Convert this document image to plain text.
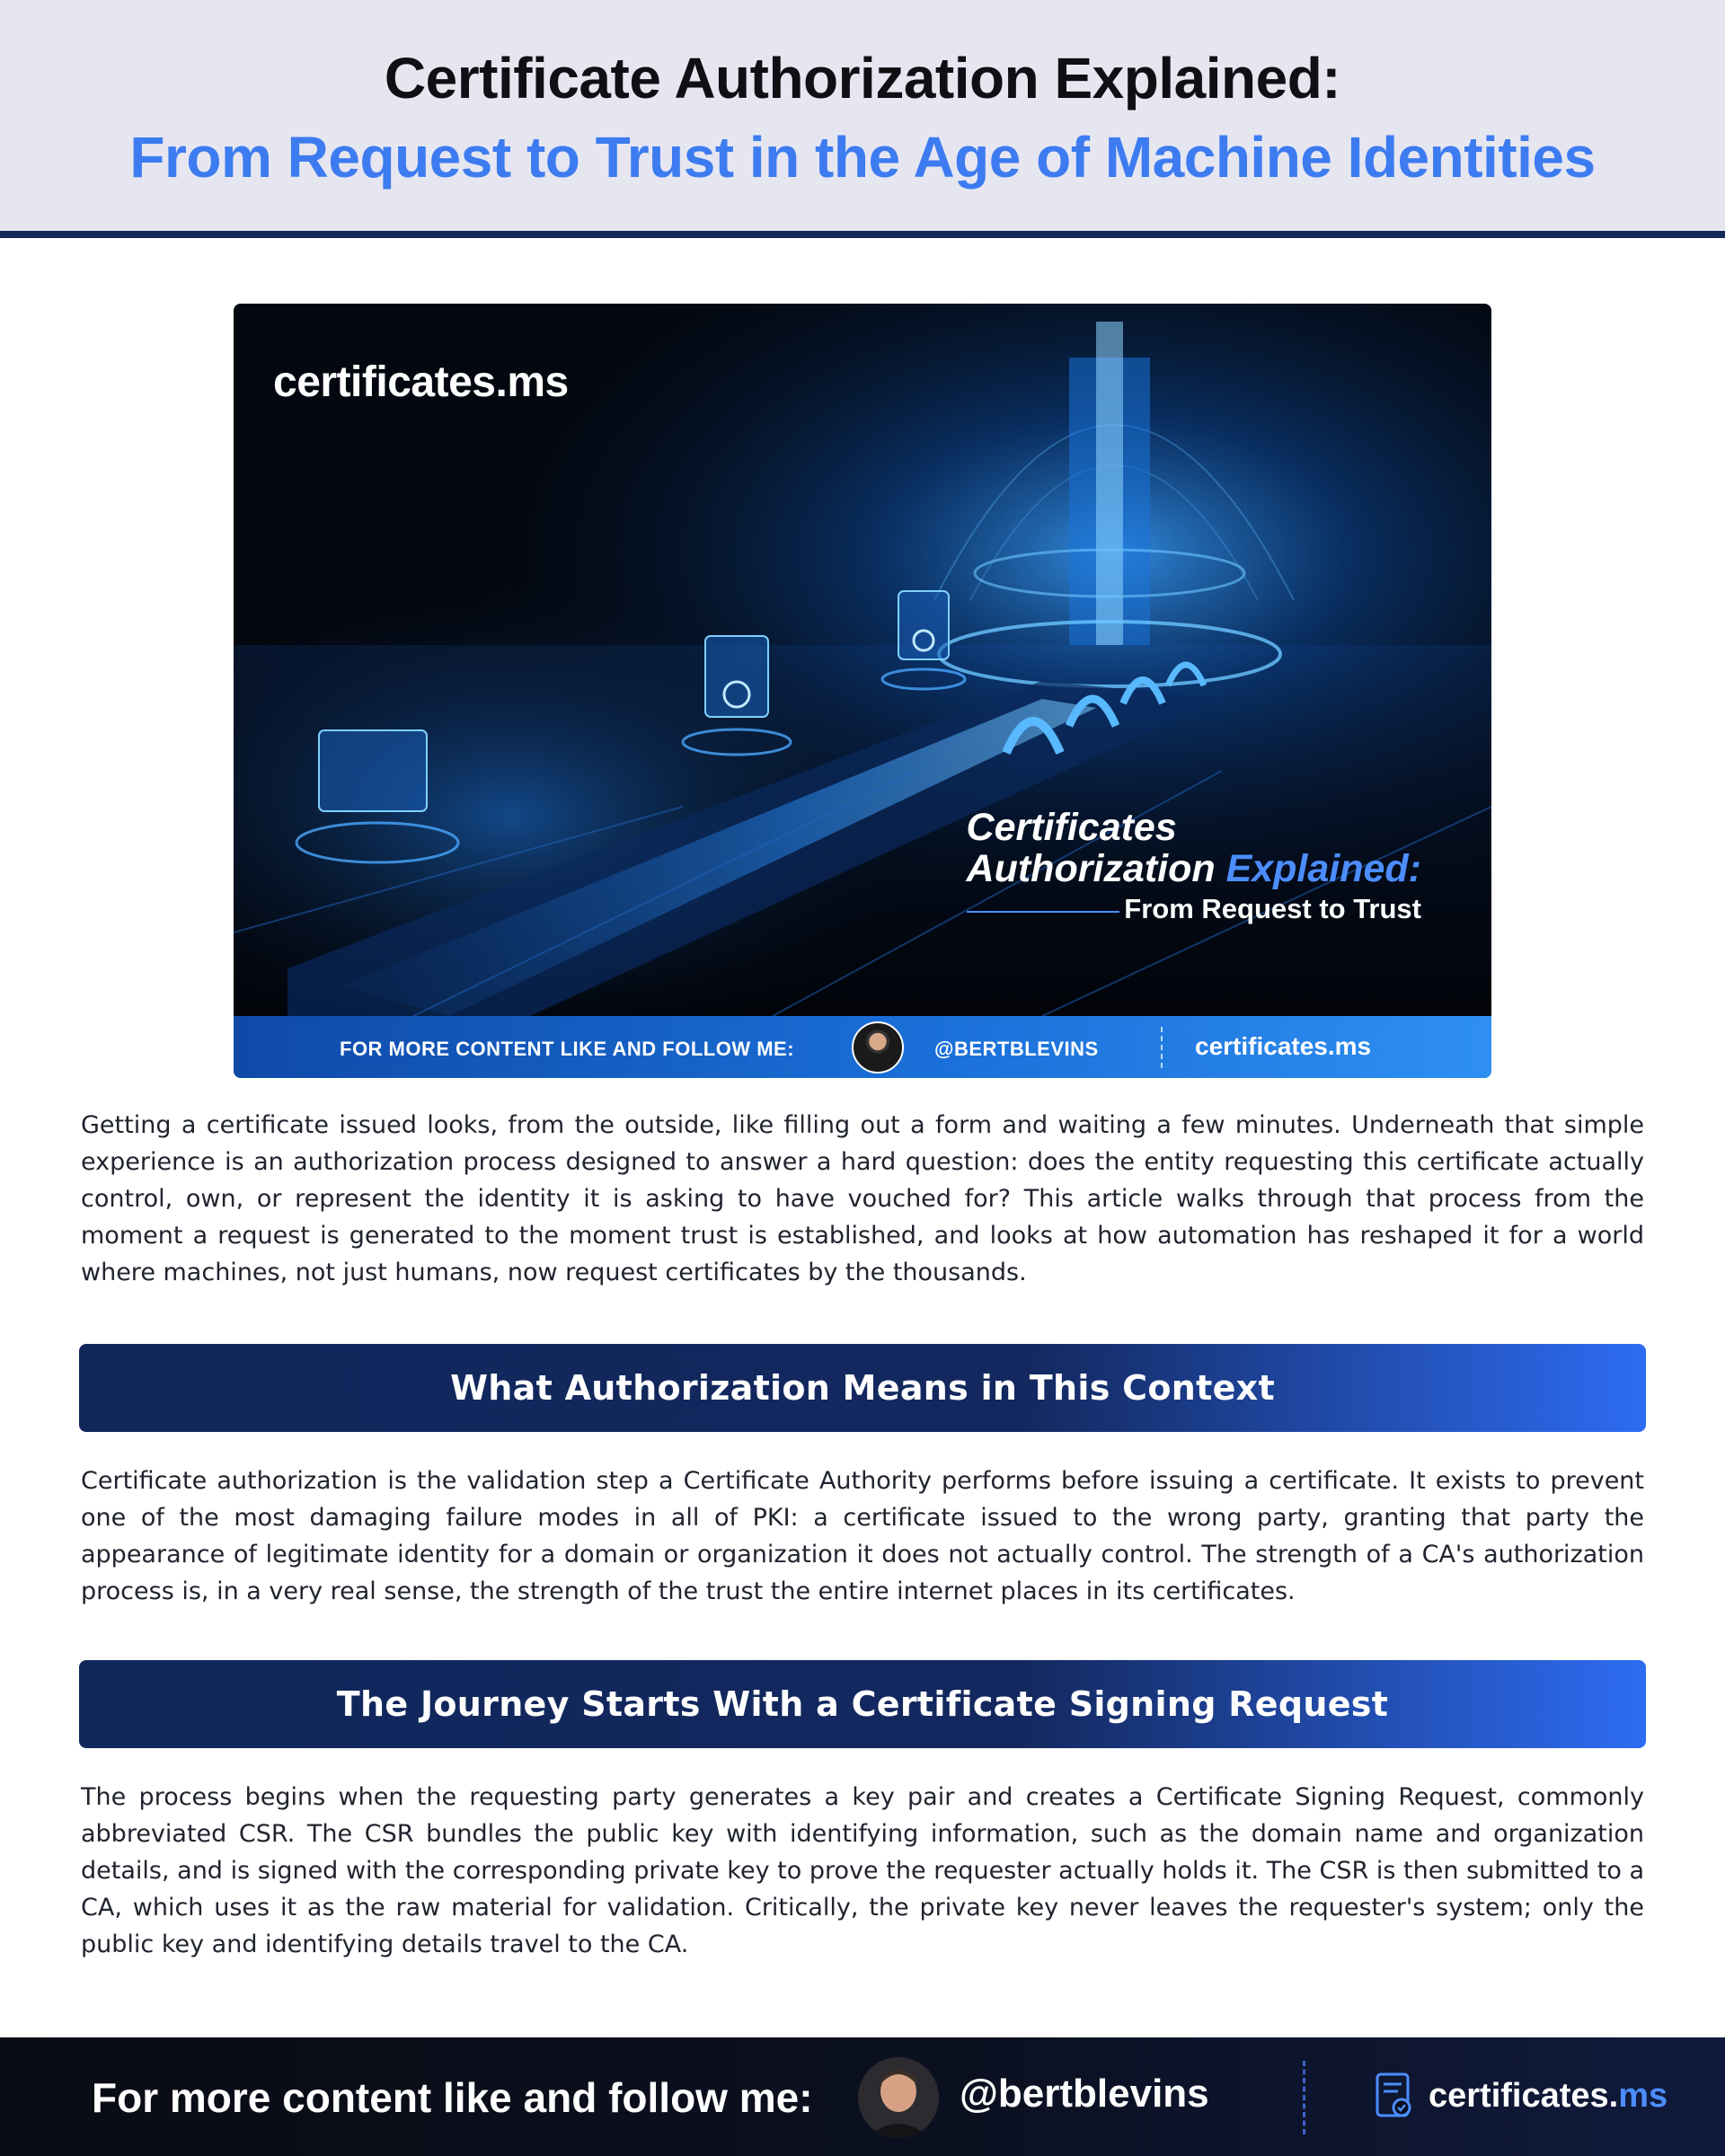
Certificate Authorization Explained:
From Request to Trust in the Age of Machine Identities
certificates.ms
Certificates
Authorization Explained:
From Request to Trust
FOR MORE CONTENT LIKE AND FOLLOW ME:	@BERTBLEVINS	certificates.ms

Getting a certificate issued looks, from the outside, like filling out a form and waiting a few minutes. Underneath that simple experience is an authorization process designed to answer a hard question: does the entity requesting this certificate actually control, own, or represent the identity it is asking to have vouched for? This article walks through that process from the moment a request is generated to the moment trust is established, and looks at how automation has reshaped it for a world where machines, not just humans, now request certificates by the thousands.

What Authorization Means in This Context

Certificate authorization is the validation step a Certificate Authority performs before issuing a certificate. It exists to prevent one of the most damaging failure modes in all of PKI: a certificate issued to the wrong party, granting that party the appearance of legitimate identity for a domain or organization it does not actually control. The strength of a CA's authorization process is, in a very real sense, the strength of the trust the entire internet places in its certificates.

The Journey Starts With a Certificate Signing Request

The process begins when the requesting party generates a key pair and creates a Certificate Signing Request, commonly abbreviated CSR. The CSR bundles the public key with identifying information, such as the domain name and organization details, and is signed with the corresponding private key to prove the requester actually holds it. The CSR is then submitted to a CA, which uses it as the raw material for validation. Critically, the private key never leaves the requester's system; only the public key and identifying details travel to the CA.

For more content like and follow me:	@bertblevins	certificates.ms
